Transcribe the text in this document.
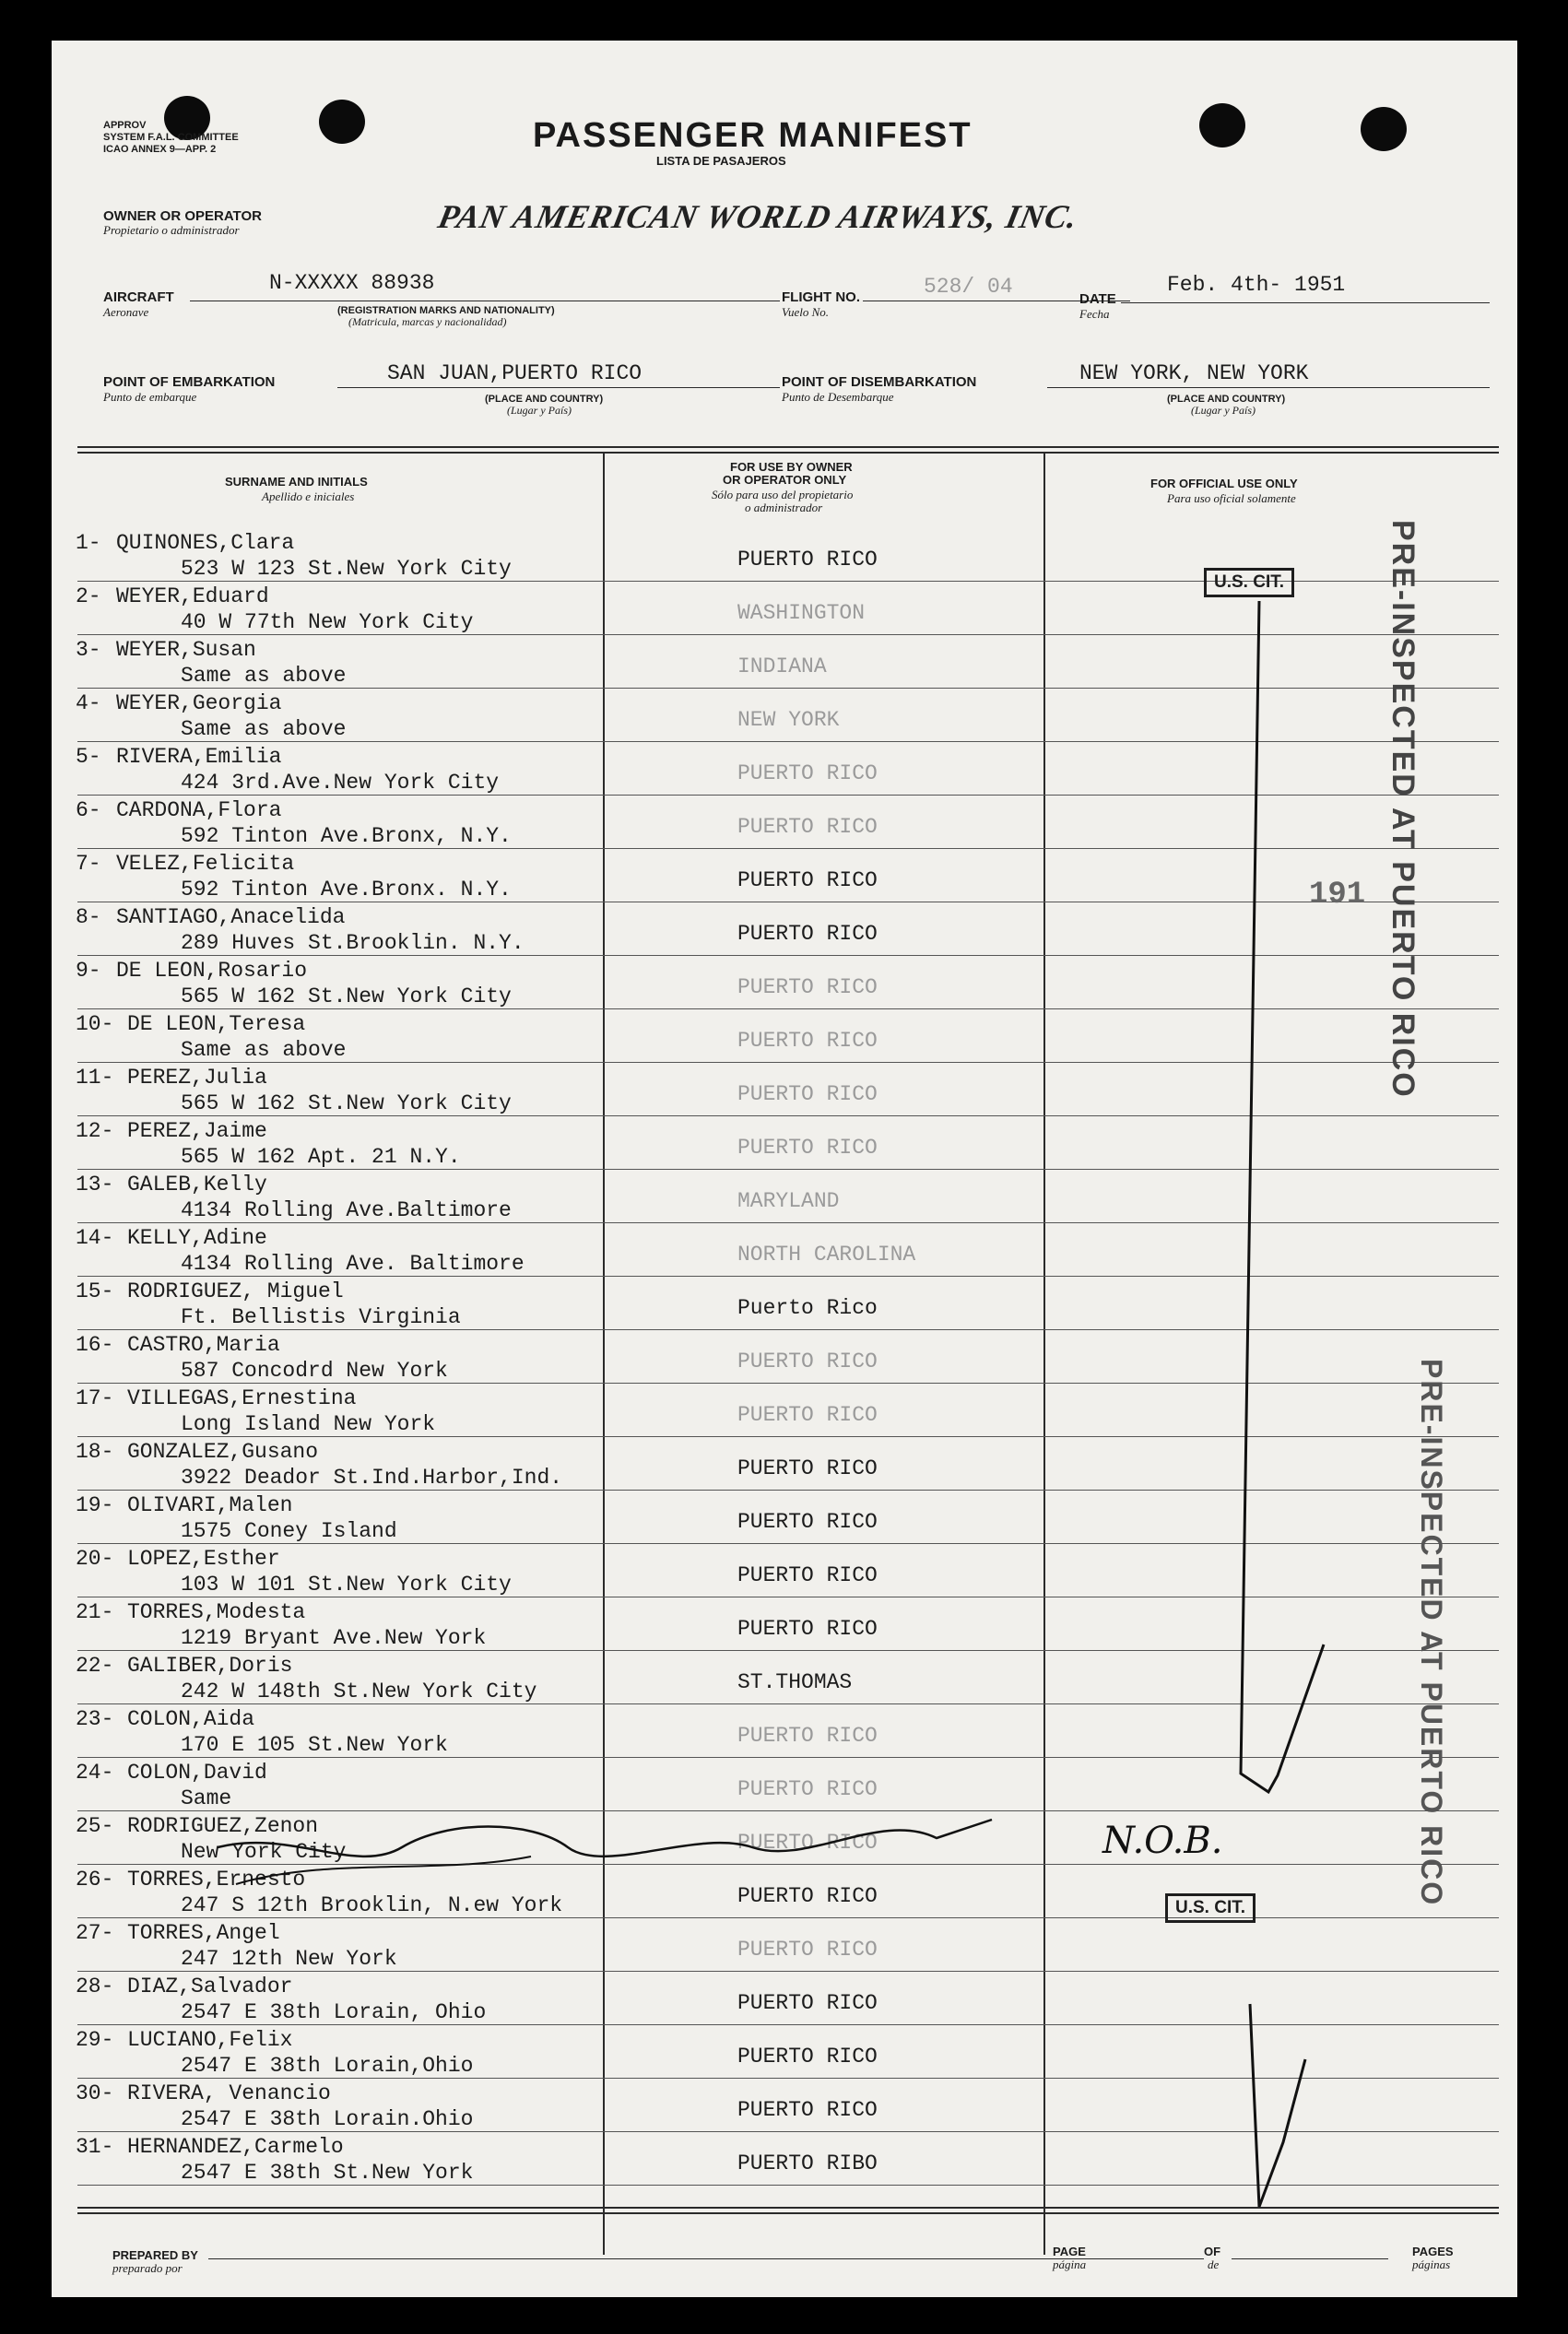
APPROV
SYSTEM F.A.L. COMMITTEE
ICAO ANNEX 9—APP. 2	PASSENGER MANIFEST
LISTA DE PASAJEROS
OWNER OR OPERATOR
Propietario o administrador	PAN AMERICAN WORLD AIRWAYS, INC.
AIRCRAFT
Aeronave
N-XXXXX 88938
(REGISTRATION MARKS AND NATIONALITY)
(Matricula, marcas y nacionalidad)
FLIGHT NO.
Vuelo No.
528/ 04
DATE
Fecha
Feb. 4th- 1951
POINT OF EMBARKATION
Punto de embarque
SAN JUAN,PUERTO RICO
(PLACE AND COUNTRY)
(Lugar y País)
POINT OF DISEMBARKATION
Punto de Desembarque
NEW YORK, NEW YORK
(PLACE AND COUNTRY)
(Lugar y País)
SURNAME AND INITIALS
Apellido e iniciales
FOR USE BY OWNER
OR OPERATOR ONLY
Sólo para uso del propietario
o administrador
FOR OFFICIAL USE ONLY
Para uso oficial solamente
1- QUINONES,Clara
523 W 123 St.New York City	PUERTO RICO
2- WEYER,Eduard
40 W 77th New York City	WASHINGTON
3- WEYER,Susan
Same as above	INDIANA
4- WEYER,Georgia
Same as above	NEW YORK
5- RIVERA,Emilia
424 3rd.Ave.New York City	PUERTO RICO
6- CARDONA,Flora
592 Tinton Ave.Bronx, N.Y.	PUERTO RICO
7- VELEZ,Felicita
592 Tinton Ave.Bronx. N.Y.	PUERTO RICO
8- SANTIAGO,Anacelida
289 Huves St.Brooklin. N.Y.	PUERTO RICO
9- DE LEON,Rosario
565 W 162 St.New York City	PUERTO RICO
10- DE LEON,Teresa
Same as above	PUERTO RICO
11- PEREZ,Julia
565 W 162 St.New York City	PUERTO RICO
12- PEREZ,Jaime
565 W 162 Apt. 21 N.Y.	PUERTO RICO
13- GALEB,Kelly
4134 Rolling Ave.Baltimore	MARYLAND
14- KELLY,Adine
4134 Rolling Ave. Baltimore	NORTH CAROLINA
15- RODRIGUEZ, Miguel
Ft. Bellistis Virginia	Puerto Rico
16- CASTRO,Maria
587 Concodrd New York	PUERTO RICO
17- VILLEGAS,Ernestina
Long Island New York	PUERTO RICO
18- GONZALEZ,Gusano
3922 Deador St.Ind.Harbor,Ind.	PUERTO RICO
19- OLIVARI,Malen
1575 Coney Island	PUERTO RICO
20- LOPEZ,Esther
103 W 101 St.New York City	PUERTO RICO
21- TORRES,Modesta
1219 Bryant Ave.New York	PUERTO RICO
22- GALIBER,Doris
242 W 148th St.New York City	ST.THOMAS
23- COLON,Aida
170 E 105 St.New York	PUERTO RICO
24- COLON,David
Same	PUERTO RICO
25- RODRIGUEZ,Zenon
New York City	PUERTO RICO
26- TORRES,Ernesto
247 S 12th Brooklin, N.ew York	PUERTO RICO
27- TORRES,Angel
247 12th New York	PUERTO RICO
28- DIAZ,Salvador
2547 E 38th Lorain, Ohio	PUERTO RICO
29- LUCIANO,Felix
2547 E 38th Lorain,Ohio	PUERTO RICO
30- RIVERA, Venancio
2547 E 38th Lorain.Ohio	PUERTO RICO
31- HERNANDEZ,Carmelo
2547 E 38th St.New York	PUERTO RIBO
U.S. CIT.
U.S. CIT.
191 PRE-INSPECTED AT PUERTO RICO
PRE-INSPECTED AT PUERTO RICO
N.O.B.
PREPARED BY
preparado por
PAGE
página
OF
de
PAGES
páginas
